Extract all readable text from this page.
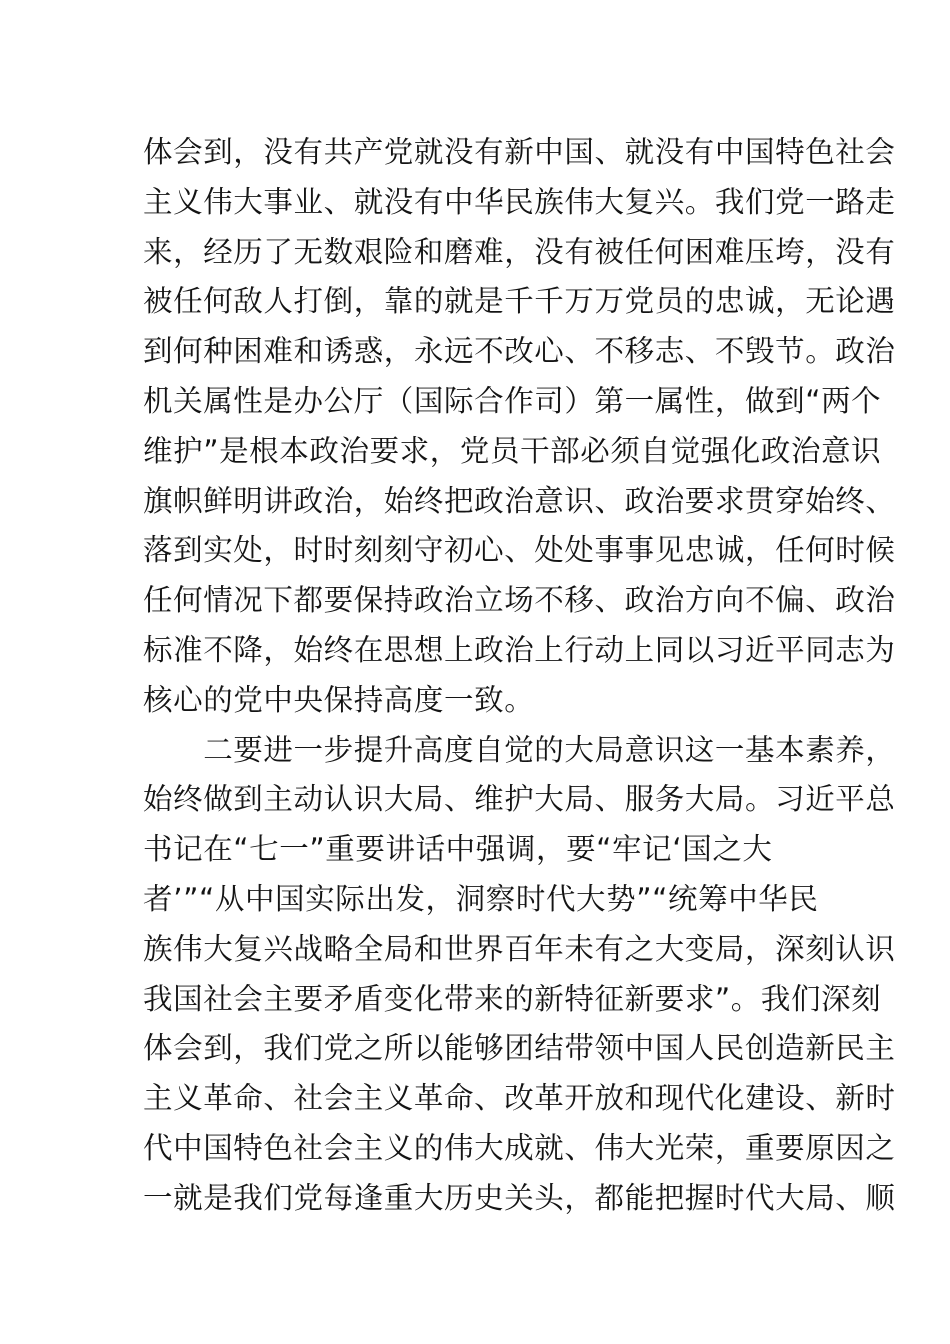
体会到，没有共产党就没有新中国、就没有中国特色社会
主义伟大事业、就没有中华民族伟大复兴。我们党一路走
来，经历了无数艰险和磨难，没有被任何困难压垮，没有
被任何敌人打倒，靠的就是千千万万党员的忠诚，无论遇
到何种困难和诱惑，永远不改心、不移志、不毁节。政治
机关属性是办公厅（国际合作司）第一属性，做到“两个
维护”是根本政治要求，党员干部必须自觉强化政治意识
旗帜鲜明讲政治，始终把政治意识、政治要求贯穿始终、
落到实处，时时刻刻守初心、处处事事见忠诚，任何时候
任何情况下都要保持政治立场不移、政治方向不偏、政治
标准不降，始终在思想上政治上行动上同以习近平同志为
核心的党中央保持高度一致。
　　二要进一步提升高度自觉的大局意识这一基本素养，
始终做到主动认识大局、维护大局、服务大局。习近平总
书记在“七一”重要讲话中强调，要“牢记‘国之大
者’”“从中国实际出发，洞察时代大势”“统筹中华民
族伟大复兴战略全局和世界百年未有之大变局，深刻认识
我国社会主要矛盾变化带来的新特征新要求”。我们深刻
体会到，我们党之所以能够团结带领中国人民创造新民主
主义革命、社会主义革命、改革开放和现代化建设、新时
代中国特色社会主义的伟大成就、伟大光荣，重要原因之
一就是我们党每逢重大历史关头，都能把握时代大局、顺
